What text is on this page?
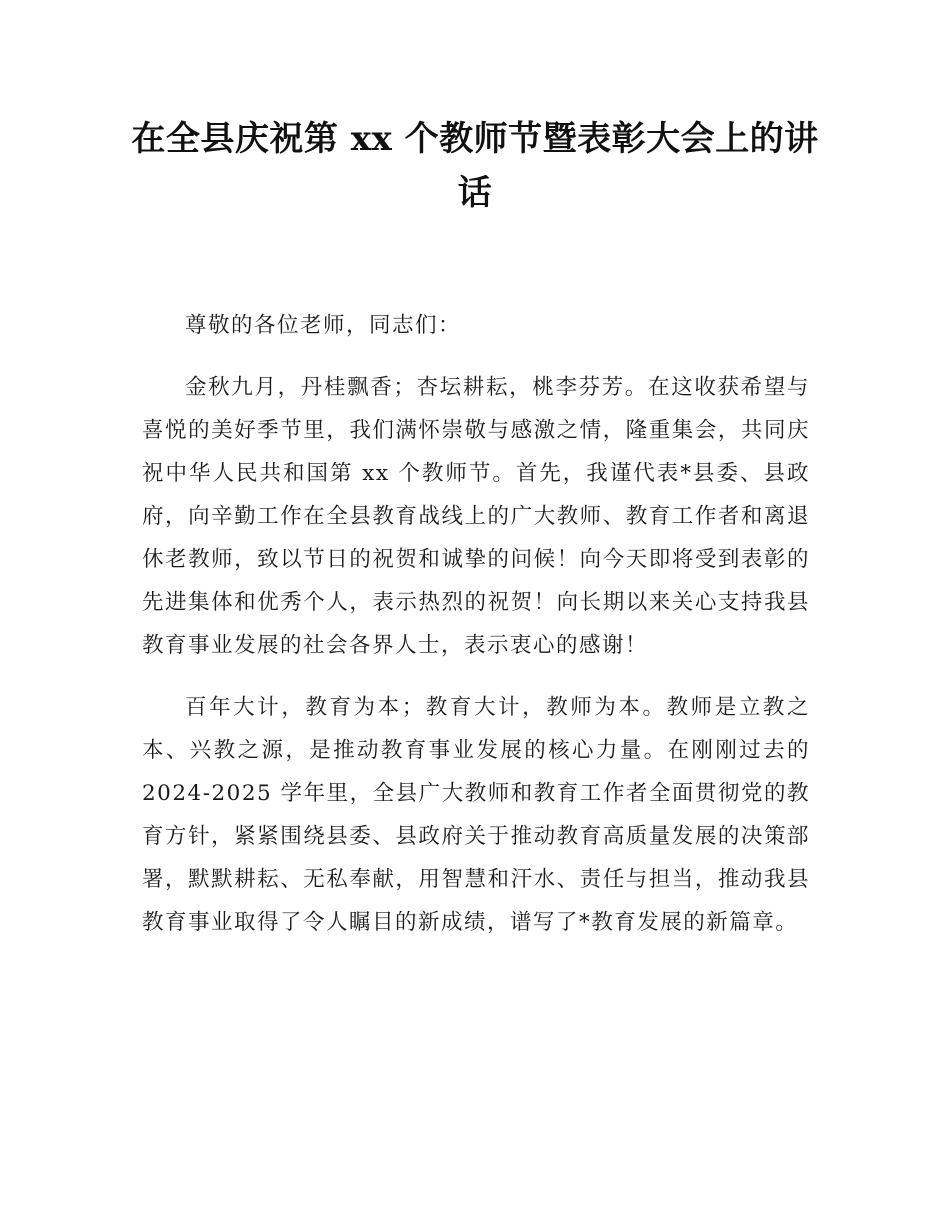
在全县庆祝第 xx 个教师节暨表彰大会上的讲话

尊敬的各位老师，同志们：

金秋九月，丹桂飘香；杏坛耕耘，桃李芬芳。在这收获希望与喜悦的美好季节里，我们满怀崇敬与感激之情，隆重集会，共同庆祝中华人民共和国第 xx 个教师节。首先，我谨代表*县委、县政府，向辛勤工作在全县教育战线上的广大教师、教育工作者和离退休老教师，致以节日的祝贺和诚挚的问候！向今天即将受到表彰的先进集体和优秀个人，表示热烈的祝贺！向长期以来关心支持我县教育事业发展的社会各界人士，表示衷心的感谢！

百年大计，教育为本；教育大计，教师为本。教师是立教之本、兴教之源，是推动教育事业发展的核心力量。在刚刚过去的 2024-2025 学年里，全县广大教师和教育工作者全面贯彻党的教育方针，紧紧围绕县委、县政府关于推动教育高质量发展的决策部署，默默耕耘、无私奉献，用智慧和汗水、责任与担当，推动我县教育事业取得了令人瞩目的新成绩，谱写了*教育发展的新篇章。
